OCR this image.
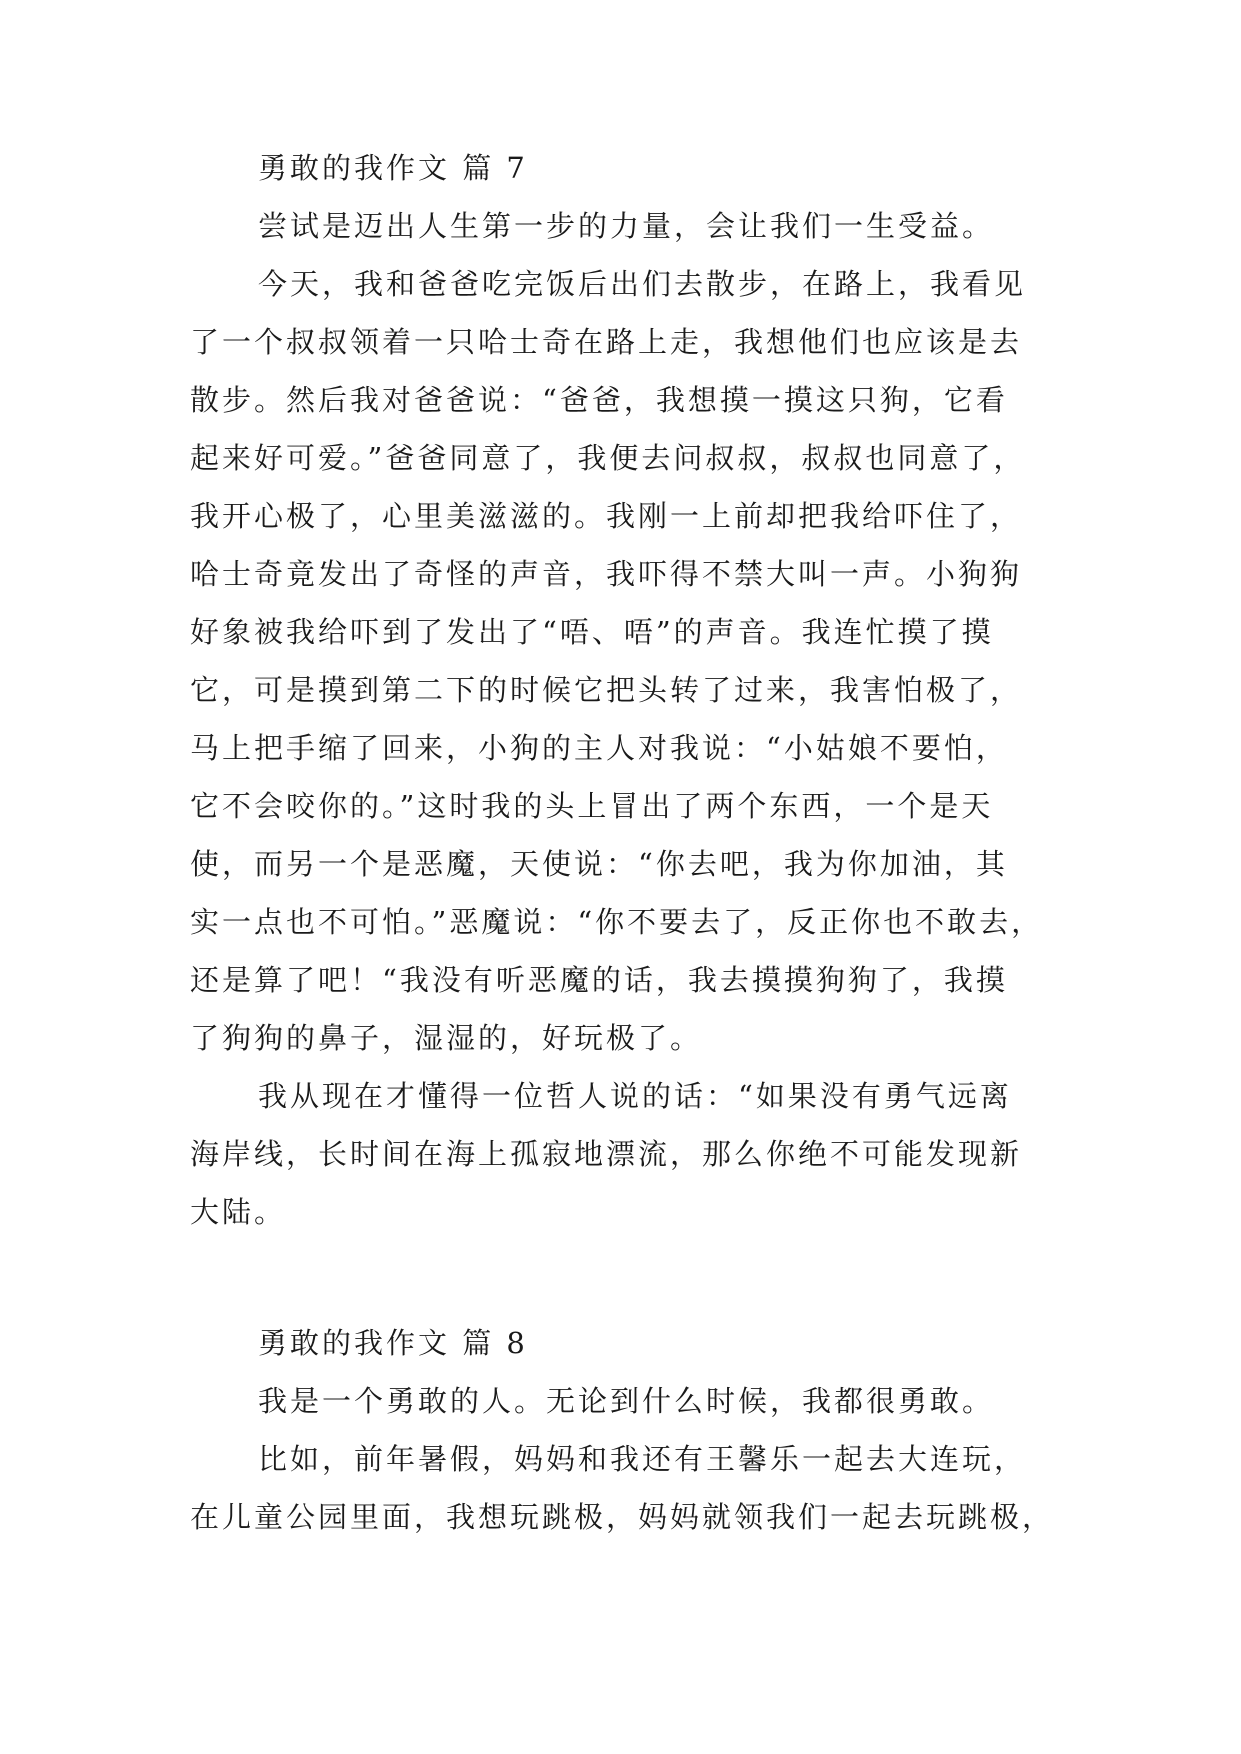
勇敢的我作文 篇 7
尝试是迈出人生第一步的力量，会让我们一生受益。
今天，我和爸爸吃完饭后出们去散步，在路上，我看见
了一个叔叔领着一只哈士奇在路上走，我想他们也应该是去
散步。然后我对爸爸说：“爸爸，我想摸一摸这只狗，它看
起来好可爱。”爸爸同意了，我便去问叔叔，叔叔也同意了，
我开心极了，心里美滋滋的。我刚一上前却把我给吓住了，
哈士奇竟发出了奇怪的声音，我吓得不禁大叫一声。小狗狗
好象被我给吓到了发出了“唔、唔”的声音。我连忙摸了摸
它，可是摸到第二下的时候它把头转了过来，我害怕极了，
马上把手缩了回来，小狗的主人对我说：“小姑娘不要怕，
它不会咬你的。”这时我的头上冒出了两个东西，一个是天
使，而另一个是恶魔，天使说：“你去吧，我为你加油，其
实一点也不可怕。”恶魔说：“你不要去了，反正你也不敢去，
还是算了吧！“我没有听恶魔的话，我去摸摸狗狗了，我摸
了狗狗的鼻子，湿湿的，好玩极了。
我从现在才懂得一位哲人说的话：“如果没有勇气远离
海岸线，长时间在海上孤寂地漂流，那么你绝不可能发现新
大陆。
勇敢的我作文 篇 8
我是一个勇敢的人。无论到什么时候，我都很勇敢。
比如，前年暑假，妈妈和我还有王馨乐一起去大连玩，
在儿童公园里面，我想玩跳极，妈妈就领我们一起去玩跳极，
